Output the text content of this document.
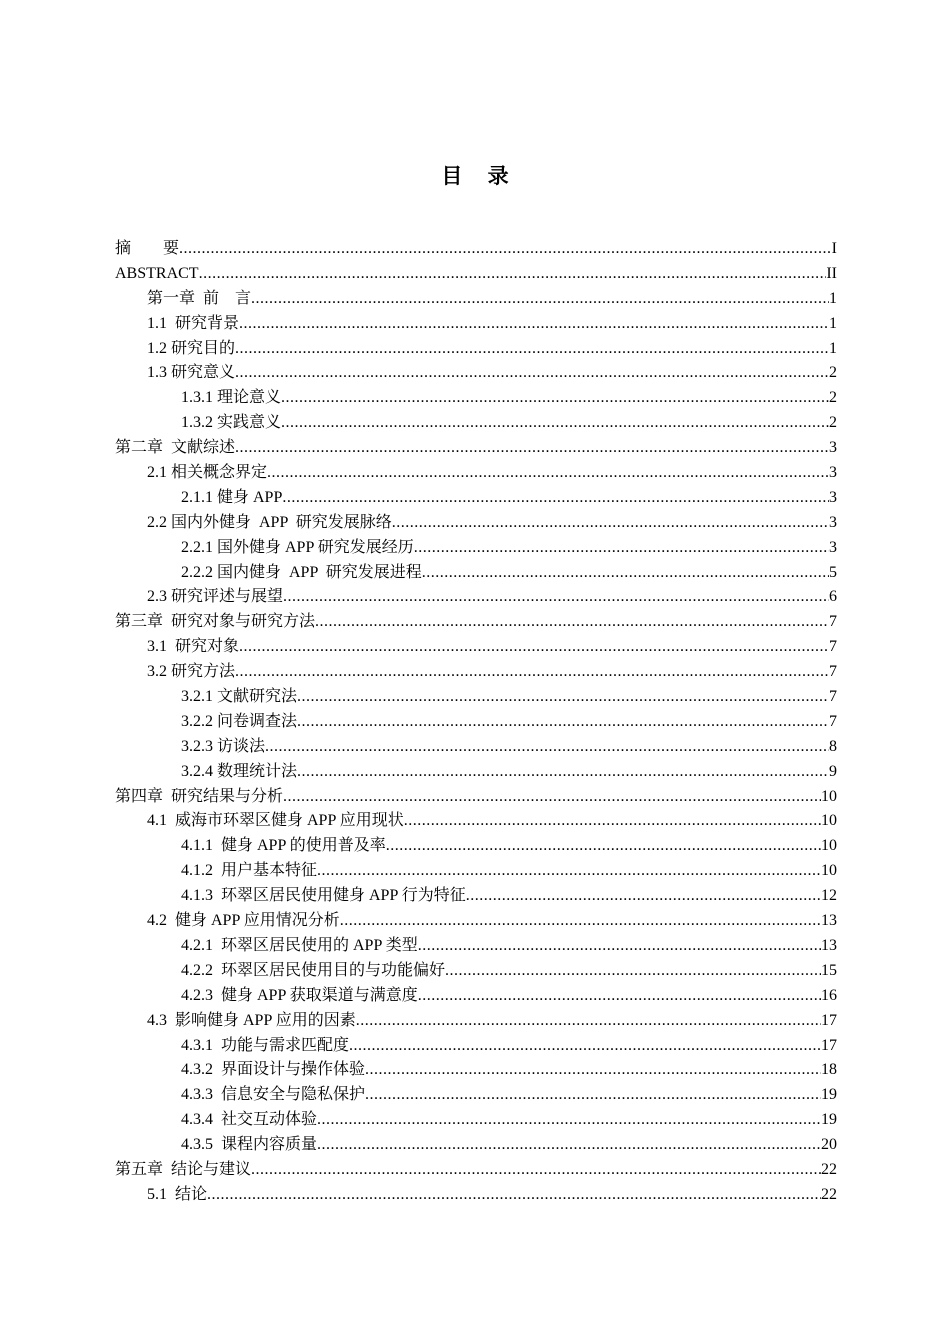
目 录
摘　　要 .....	I
ABSTRACT .....	II
第一章  前　言 .....	1
1.1  研究背景 .....	1
1.2 研究目的 .....	1
1.3 研究意义 .....	2
1.3.1 理论意义 .....	2
1.3.2 实践意义 .....	2
第二章  文献综述 .....	3
2.1 相关概念界定 .....	3
2.1.1 健身 APP .....	3
2.2 国内外健身  APP  研究发展脉络 .....	3
2.2.1 国外健身 APP 研究发展经历 .....	3
2.2.2 国内健身  APP  研究发展进程 .....	5
2.3 研究评述与展望 .....	6
第三章  研究对象与研究方法 .....	7
3.1  研究对象 .....	7
3.2 研究方法 .....	7
3.2.1 文献研究法 .....	7
3.2.2 问卷调查法 .....	7
3.2.3 访谈法 .....	8
3.2.4 数理统计法 .....	9
第四章  研究结果与分析 .....	10
4.1  威海市环翠区健身 APP 应用现状 .....	10
4.1.1  健身 APP 的使用普及率 .....	10
4.1.2  用户基本特征 .....	10
4.1.3  环翠区居民使用健身 APP 行为特征 .....	12
4.2  健身 APP 应用情况分析 .....	13
4.2.1  环翠区居民使用的 APP 类型 .....	13
4.2.2  环翠区居民使用目的与功能偏好 .....	15
4.2.3  健身 APP 获取渠道与满意度 .....	16
4.3  影响健身 APP 应用的因素 .....	17
4.3.1  功能与需求匹配度 .....	17
4.3.2  界面设计与操作体验 .....	18
4.3.3  信息安全与隐私保护 .....	19
4.3.4  社交互动体验 .....	19
4.3.5  课程内容质量 .....	20
第五章  结论与建议 .....	22
5.1  结论 .....	22
